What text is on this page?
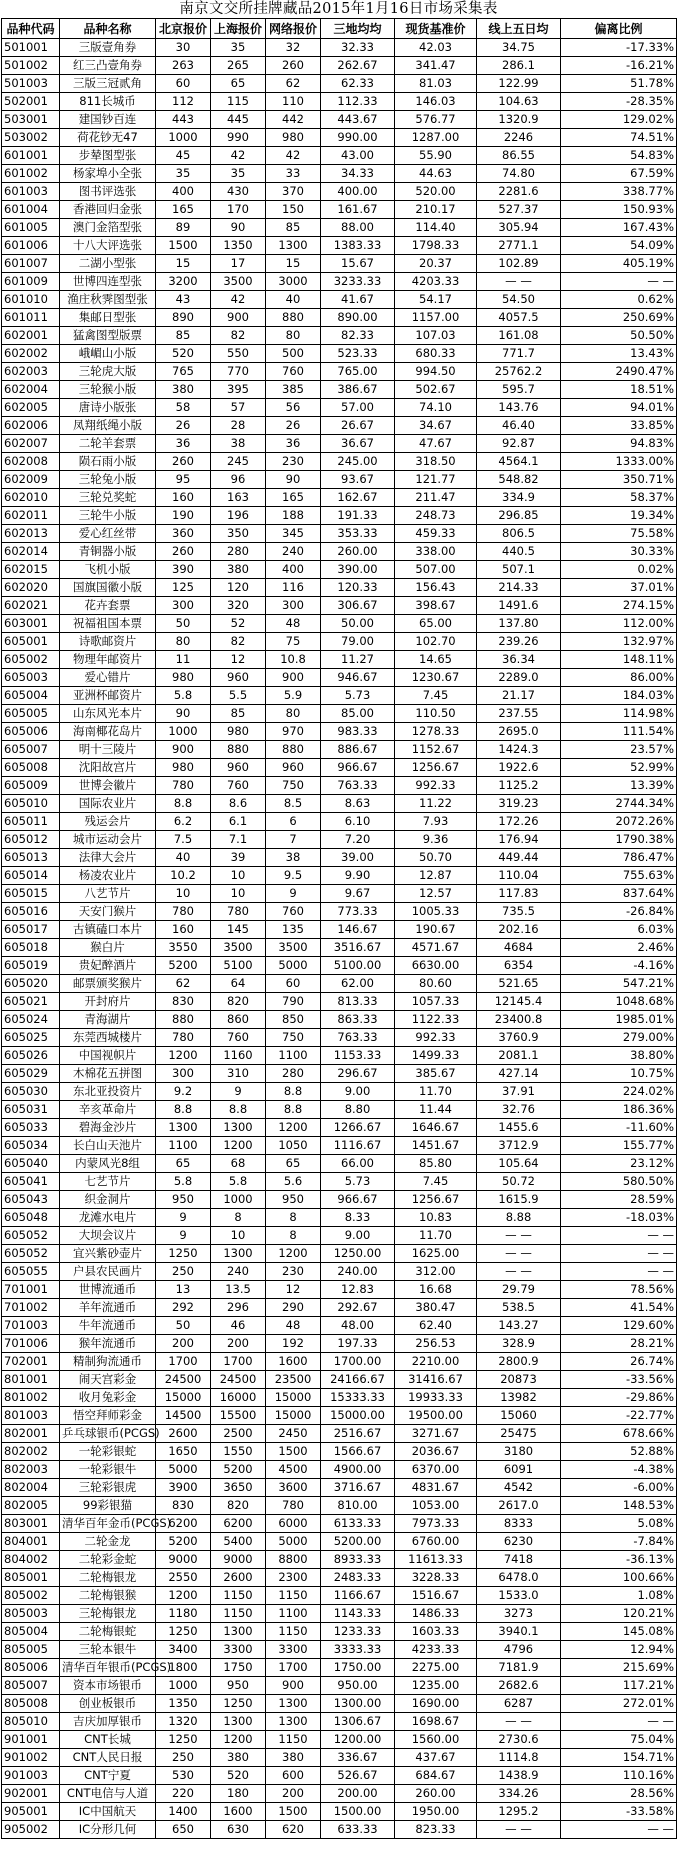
南京文交所挂牌藏品2015年1月16日市场采集表
品种代码	品种名称	北京报价	上海报价	网络报价	三地均均	现货基准价	线上五日均	偏离比例
501001	三版壹角券	30	35	32	32.33	42.03	34.75	-17.33%
501002	红三凸壹角券	263	265	260	262.67	341.47	286.1	-16.21%
501003	三版三冠贰角	60	65	62	62.33	81.03	122.99	51.78%
502001	811长城币	112	115	110	112.33	146.03	104.63	-28.35%
503001	建国钞百连	443	445	442	443.67	576.77	1320.9	129.02%
503002	荷花钞无47	1000	990	980	990.00	1287.00	2246	74.51%
601001	步辇图型张	45	42	42	43.00	55.90	86.55	54.83%
601002	杨家埠小全张	35	35	33	34.33	44.63	74.80	67.59%
601003	图书评选张	400	430	370	400.00	520.00	2281.6	338.77%
601004	香港回归金张	165	170	150	161.67	210.17	527.37	150.93%
601005	澳门金箔型张	89	90	85	88.00	114.40	305.94	167.43%
601006	十八大评选张	1500	1350	1300	1383.33	1798.33	2771.1	54.09%
601007	二湖小型张	15	17	15	15.67	20.37	102.89	405.19%
601009	世博四连型张	3200	3500	3000	3233.33	4203.33	— —	— —
601010	渔庄秋霁图型张	43	42	40	41.67	54.17	54.50	0.62%
601011	集邮日型张	890	900	880	890.00	1157.00	4057.5	250.69%
602001	猛禽图型版票	85	82	80	82.33	107.03	161.08	50.50%
602002	峨嵋山小版	520	550	500	523.33	680.33	771.7	13.43%
602003	三轮虎大版	765	770	760	765.00	994.50	25762.2	2490.47%
602004	三轮猴小版	380	395	385	386.67	502.67	595.7	18.51%
602005	唐诗小版张	58	57	56	57.00	74.10	143.76	94.01%
602006	凤翔纸绳小版	26	28	26	26.67	34.67	46.40	33.85%
602007	二轮羊套票	36	38	36	36.67	47.67	92.87	94.83%
602008	陨石雨小版	260	245	230	245.00	318.50	4564.1	1333.00%
602009	三轮兔小版	95	96	90	93.67	121.77	548.82	350.71%
602010	三轮兑奖蛇	160	163	165	162.67	211.47	334.9	58.37%
602011	三轮牛小版	190	196	188	191.33	248.73	296.85	19.34%
602013	爱心红丝带	360	350	345	353.33	459.33	806.5	75.58%
602014	青铜器小版	260	280	240	260.00	338.00	440.5	30.33%
602015	飞机小版	390	380	400	390.00	507.00	507.1	0.02%
602020	国旗国徽小版	125	120	116	120.33	156.43	214.33	37.01%
602021	花卉套票	300	320	300	306.67	398.67	1491.6	274.15%
603001	祝福祖国本票	50	52	48	50.00	65.00	137.80	112.00%
605001	诗歌邮资片	80	82	75	79.00	102.70	239.26	132.97%
605002	物理年邮资片	11	12	10.8	11.27	14.65	36.34	148.11%
605003	爱心错片	980	960	900	946.67	1230.67	2289.0	86.00%
605004	亚洲杯邮资片	5.8	5.5	5.9	5.73	7.45	21.17	184.03%
605005	山东风光本片	90	85	80	85.00	110.50	237.55	114.98%
605006	海南椰花岛片	1000	980	970	983.33	1278.33	2695.0	111.54%
605007	明十三陵片	900	880	880	886.67	1152.67	1424.3	23.57%
605008	沈阳故宫片	980	960	960	966.67	1256.67	1922.6	52.99%
605009	世博会徽片	780	760	750	763.33	992.33	1125.2	13.39%
605010	国际农业片	8.8	8.6	8.5	8.63	11.22	319.23	2744.34%
605011	残运会片	6.2	6.1	6	6.10	7.93	172.26	2072.26%
605012	城市运动会片	7.5	7.1	7	7.20	9.36	176.94	1790.38%
605013	法律大会片	40	39	38	39.00	50.70	449.44	786.47%
605014	杨凌农业片	10.2	10	9.5	9.90	12.87	110.04	755.63%
605015	八艺节片	10	10	9	9.67	12.57	117.83	837.64%
605016	天安门猴片	780	780	760	773.33	1005.33	735.5	-26.84%
605017	古镇磕口本片	160	145	135	146.67	190.67	202.16	6.03%
605018	猴白片	3550	3500	3500	3516.67	4571.67	4684	2.46%
605019	贵妃醉酒片	5200	5100	5000	5100.00	6630.00	6354	-4.16%
605020	邮票颁奖猴片	62	64	60	62.00	80.60	521.65	547.21%
605021	开封府片	830	820	790	813.33	1057.33	12145.4	1048.68%
605024	青海湖片	880	860	850	863.33	1122.33	23400.8	1985.01%
605025	东莞西城楼片	780	760	750	763.33	992.33	3760.9	279.00%
605026	中国视帜片	1200	1160	1100	1153.33	1499.33	2081.1	38.80%
605029	木棉花五拼图	300	310	280	296.67	385.67	427.14	10.75%
605030	东北亚投资片	9.2	9	8.8	9.00	11.70	37.91	224.02%
605031	辛亥革命片	8.8	8.8	8.8	8.80	11.44	32.76	186.36%
605033	碧海金沙片	1300	1300	1200	1266.67	1646.67	1455.6	-11.60%
605034	长白山天池片	1100	1200	1050	1116.67	1451.67	3712.9	155.77%
605040	内蒙风光8组	65	68	65	66.00	85.80	105.64	23.12%
605041	七艺节片	5.8	5.8	5.6	5.73	7.45	50.72	580.50%
605043	织金洞片	950	1000	950	966.67	1256.67	1615.9	28.59%
605048	龙滩水电片	9	8	8	8.33	10.83	8.88	-18.03%
605052	大坝会议片	9	10	8	9.00	11.70	— —	— —
605052	宜兴紫砂壶片	1250	1300	1200	1250.00	1625.00	— —	— —
605055	户县农民画片	250	240	230	240.00	312.00	— —	— —
701001	世博流通币	13	13.5	12	12.83	16.68	29.79	78.56%
701002	羊年流通币	292	296	290	292.67	380.47	538.5	41.54%
701003	牛年流通币	50	46	48	48.00	62.40	143.27	129.60%
701006	猴年流通币	200	200	192	197.33	256.53	328.9	28.21%
702001	精制狗流通币	1700	1700	1600	1700.00	2210.00	2800.9	26.74%
801001	闹天宫彩金	24500	24500	23500	24166.67	31416.67	20873	-33.56%
801002	收月兔彩金	15000	16000	15000	15333.33	19933.33	13982	-29.86%
801003	悟空拜师彩金	14500	15500	15000	15000.00	19500.00	15060	-22.77%
802001	乒乓球银币(PCGS)	2600	2500	2450	2516.67	3271.67	25475	678.66%
802002	一轮彩银蛇	1650	1550	1500	1566.67	2036.67	3180	52.88%
802003	一轮彩银牛	5000	5200	4500	4900.00	6370.00	6091	-4.38%
802004	三轮彩银虎	3900	3650	3600	3716.67	4831.67	4542	-6.00%
802005	99彩银猫	830	820	780	810.00	1053.00	2617.0	148.53%
803001	清华百年金币(PCGS)	6200	6200	6000	6133.33	7973.33	8333	5.08%
804001	二轮金龙	5200	5400	5000	5200.00	6760.00	6230	-7.84%
804002	二轮彩金蛇	9000	9000	8800	8933.33	11613.33	7418	-36.13%
805001	二轮梅银龙	2550	2600	2300	2483.33	3228.33	6478.0	100.66%
805002	二轮梅银猴	1200	1150	1150	1166.67	1516.67	1533.0	1.08%
805003	三轮梅银龙	1180	1150	1100	1143.33	1486.33	3273	120.21%
805004	二轮梅银蛇	1250	1300	1150	1233.33	1603.33	3940.1	145.08%
805005	三轮本银牛	3400	3300	3300	3333.33	4233.33	4796	12.94%
805006	清华百年银币(PCGS)	1800	1750	1700	1750.00	2275.00	7181.9	215.69%
805007	资本市场银币	1000	950	900	950.00	1235.00	2682.6	117.21%
805008	创业板银币	1350	1250	1300	1300.00	1690.00	6287	272.01%
805010	吉庆加厚银币	1320	1300	1300	1306.67	1698.67	— —	— —
901001	CNT长城	1250	1200	1150	1200.00	1560.00	2730.6	75.04%
901002	CNT人民日报	250	380	380	336.67	437.67	1114.8	154.71%
901003	CNT宁夏	530	520	600	526.67	684.67	1438.9	110.16%
902001	CNT电信与人道	220	180	200	200.00	260.00	334.26	28.56%
905001	IC中国航天	1400	1600	1500	1500.00	1950.00	1295.2	-33.58%
905002	IC分形几何	650	630	620	633.33	823.33	— —	— —
